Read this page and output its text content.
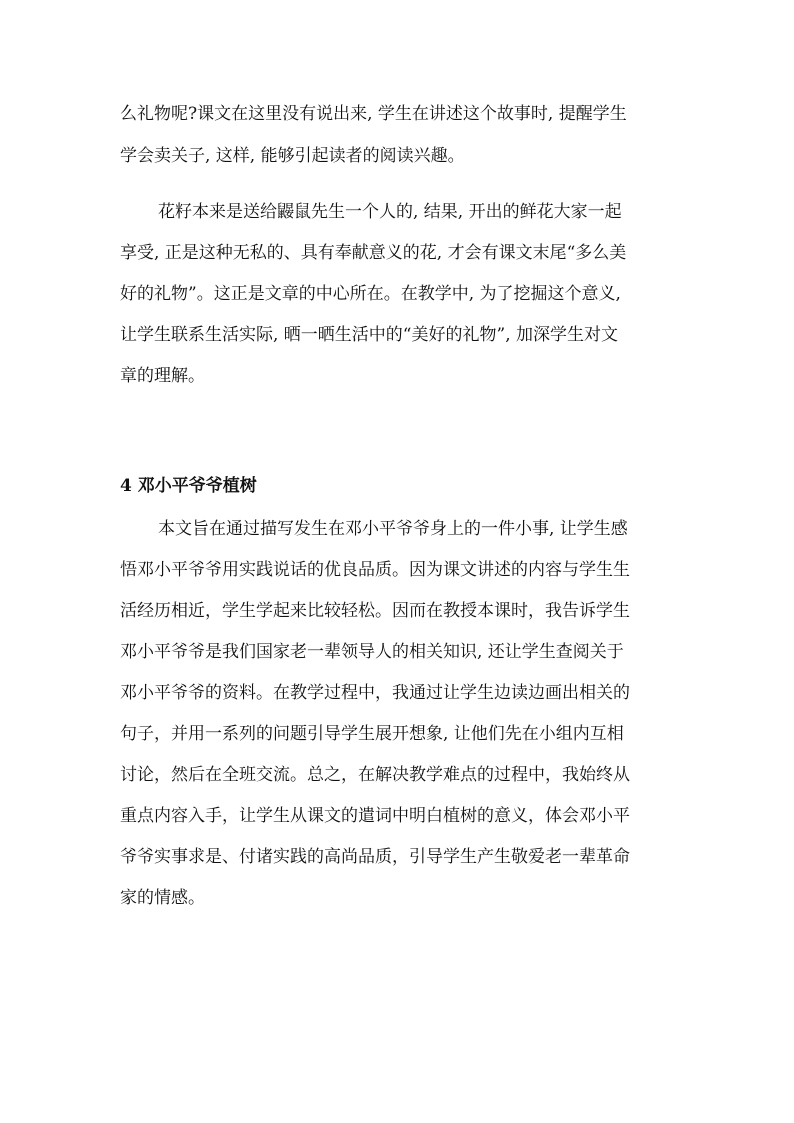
么礼物呢?课文在这里没有说出来, 学生在讲述这个故事时, 提醒学生
学会卖关子, 这样, 能够引起读者的阅读兴趣。
花籽本来是送给鼹鼠先生一个人的, 结果, 开出的鲜花大家一起
享受, 正是这种无私的、具有奉献意义的花, 才会有课文末尾“多么美
好的礼物”。这正是文章的中心所在。在教学中, 为了挖掘这个意义,
让学生联系生活实际, 晒一晒生活中的“美好的礼物”, 加深学生对文
章的理解。
4 邓小平爷爷植树
本文旨在通过描写发生在邓小平爷爷身上的一件小事, 让学生感
悟邓小平爷爷用实践说话的优良品质。因为课文讲述的内容与学生生
活经历相近，学生学起来比较轻松。因而在教授本课时，我告诉学生
邓小平爷爷是我们国家老一辈领导人的相关知识, 还让学生查阅关于
邓小平爷爷的资料。在教学过程中，我通过让学生边读边画出相关的
句子，并用一系列的问题引导学生展开想象, 让他们先在小组内互相
讨论，然后在全班交流。总之，在解决教学难点的过程中，我始终从
重点内容入手，让学生从课文的遣词中明白植树的意义，体会邓小平
爷爷实事求是、付诸实践的高尚品质，引导学生产生敬爱老一辈革命
家的情感。
